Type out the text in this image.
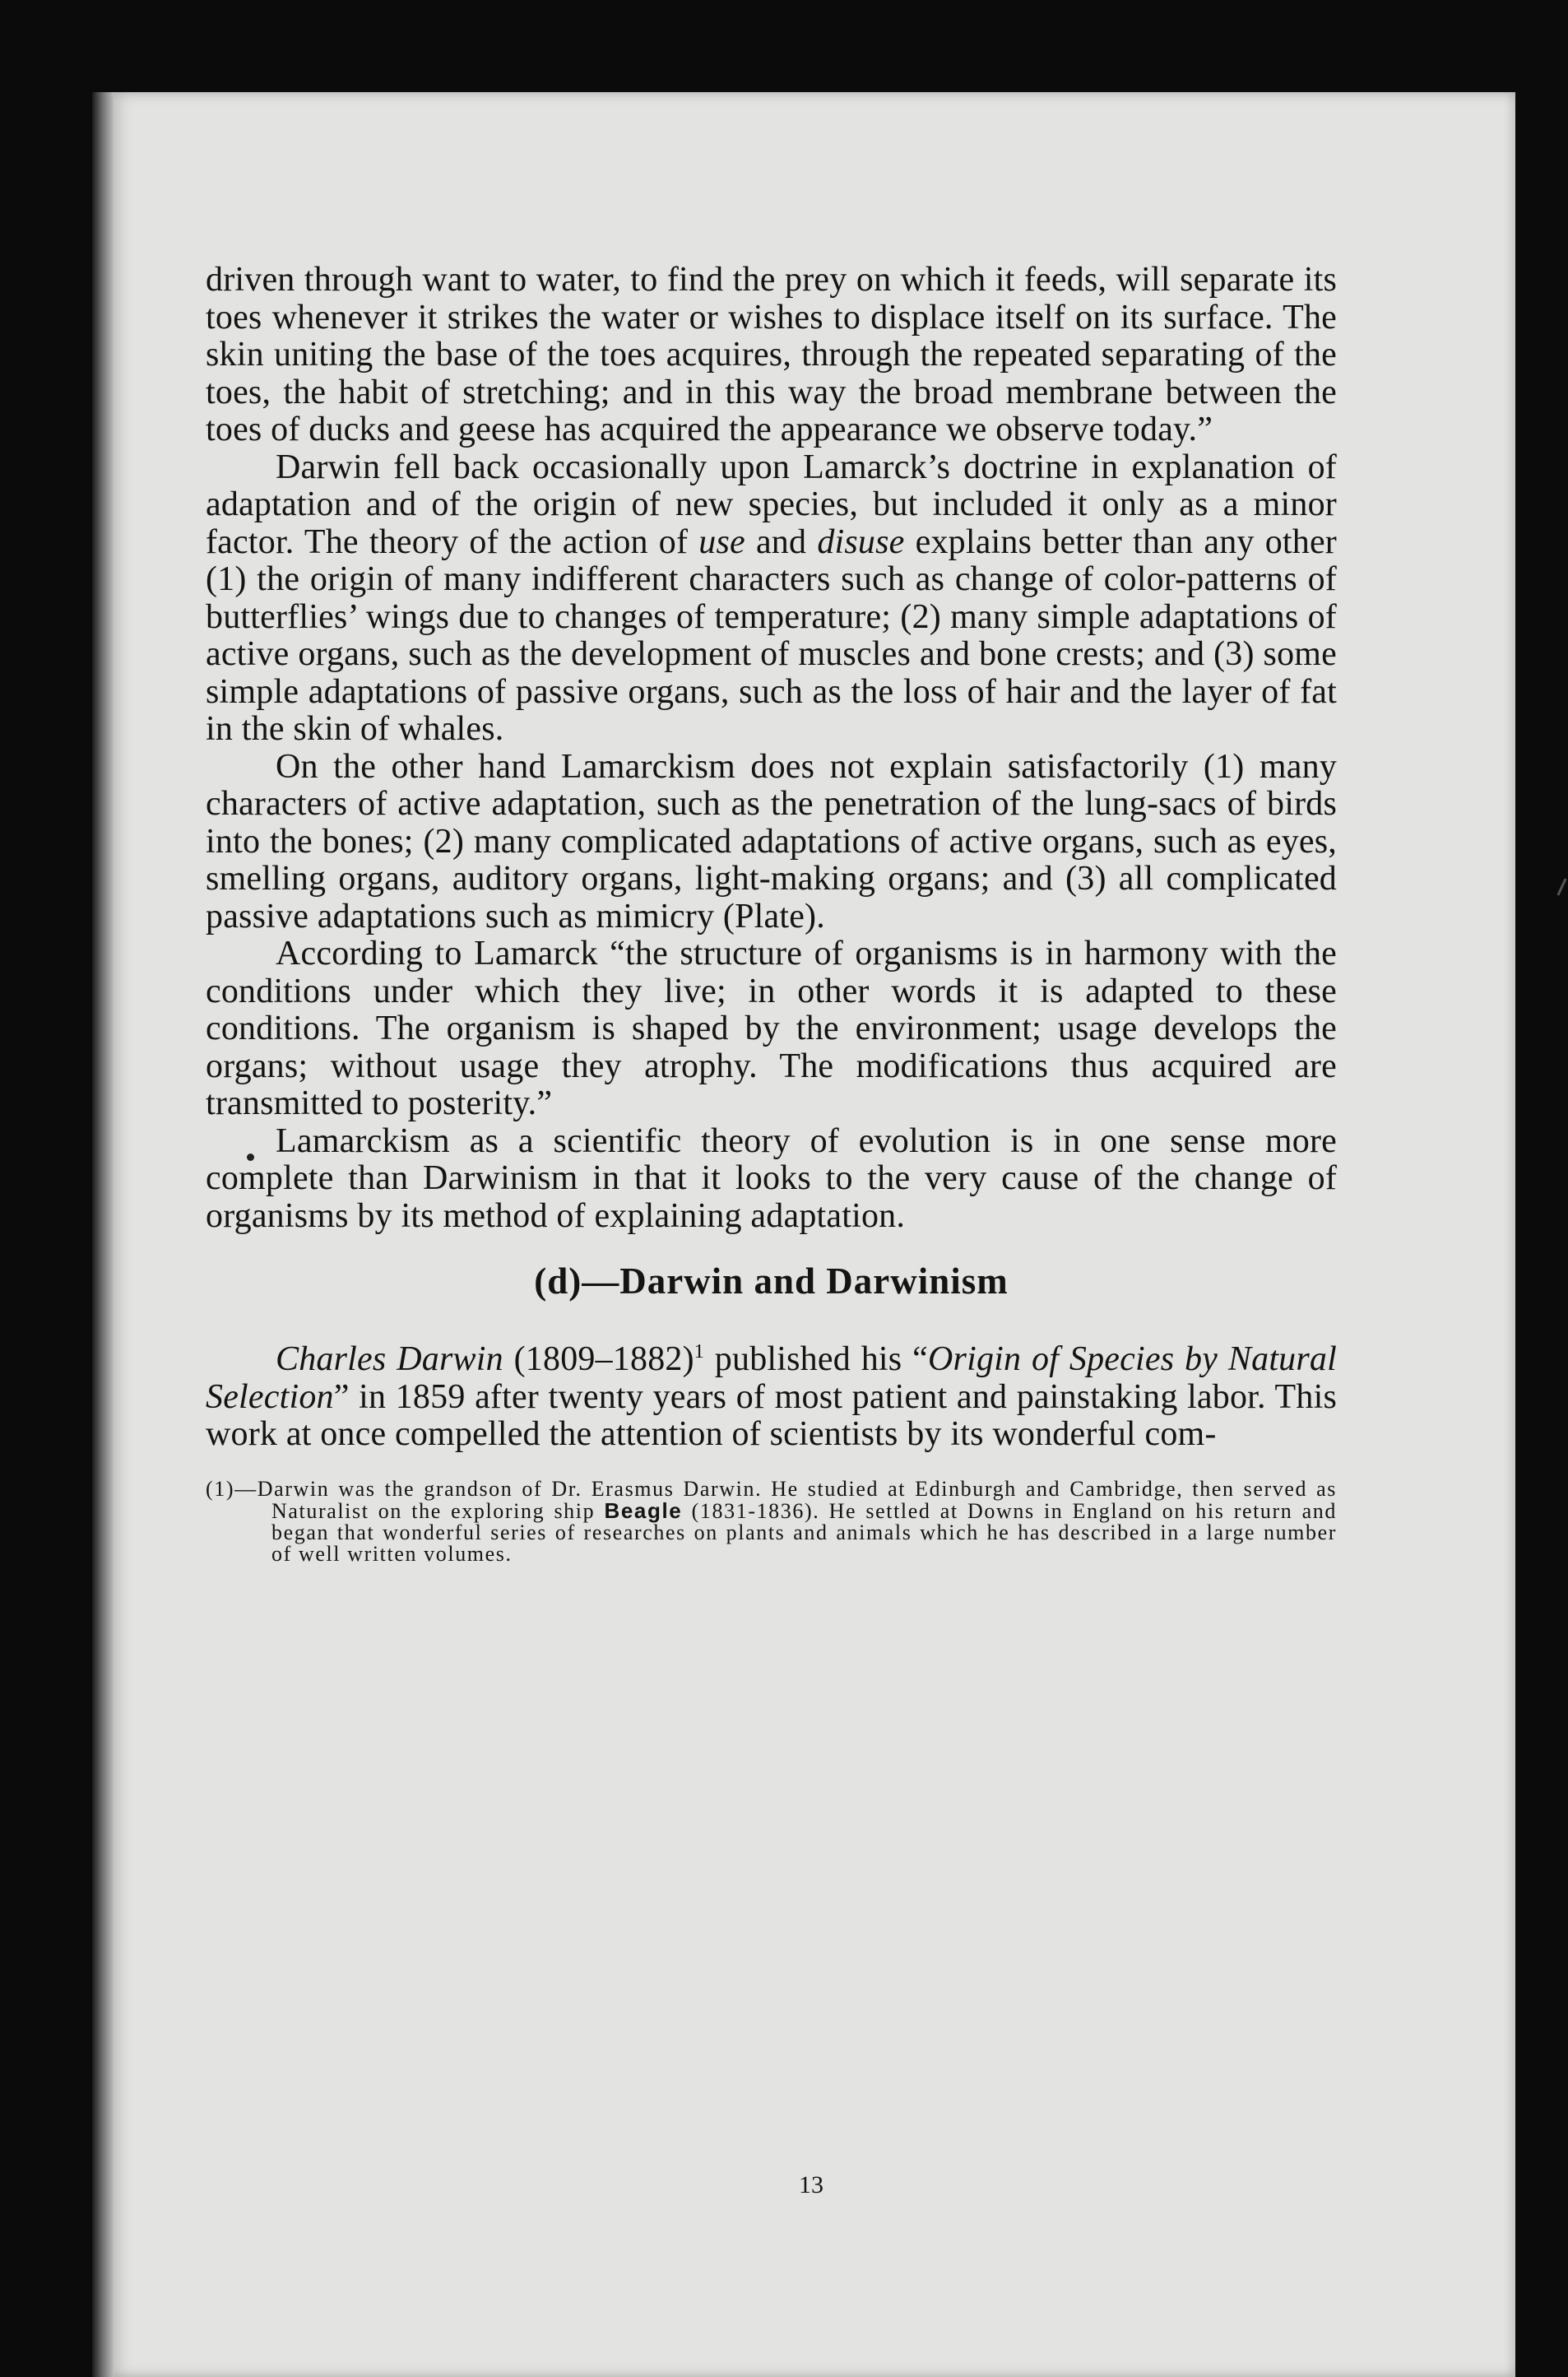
13

driven through want to water, to find the prey on which it feeds, will separate its toes whenever it strikes the water or wishes to displace itself on its surface. The skin uniting the base of the toes acquires, through the repeated separating of the toes, the habit of stretching; and in this way the broad membrane between the toes of ducks and geese has acquired the appearance we observe today.”

Darwin fell back occasionally upon Lamarck’s doctrine in explanation of adaptation and of the origin of new species, but included it only as a minor factor. The theory of the action of use and disuse explains better than any other (1) the origin of many indifferent characters such as change of color-patterns of butterflies’ wings due to changes of temperature; (2) many simple adaptations of active organs, such as the development of muscles and bone crests; and (3) some simple adaptations of passive organs, such as the loss of hair and the layer of fat in the skin of whales.

On the other hand Lamarckism does not explain satisfactorily (1) many characters of active adaptation, such as the penetration of the lung-sacs of birds into the bones; (2) many complicated adaptations of active organs, such as eyes, smelling organs, auditory organs, light-making organs; and (3) all complicated passive adaptations such as mimicry (Plate).

According to Lamarck “the structure of organisms is in harmony with the conditions under which they live; in other words it is adapted to these conditions. The organism is shaped by the environment; usage develops the organs; without usage they atrophy. The modifications thus acquired are transmitted to posterity.”

Lamarckism as a scientific theory of evolution is in one sense more complete than Darwinism in that it looks to the very cause of the change of organisms by its method of explaining adaptation.

(d)—Darwin and Darwinism

Charles Darwin (1809–1882)$^1$ published his “Origin of Species by Natural Selection” in 1859 after twenty years of most patient and painstaking labor. This work at once compelled the attention of scientists by its wonderful com-

(1)—Darwin was the grandson of Dr. Erasmus Darwin. He studied at Edinburgh and Cambridge, then served as Naturalist on the exploring ship Beagle (1831-1836). He settled at Downs in England on his return and began that wonderful series of researches on plants and animals which he has described in a large number of well written volumes.
